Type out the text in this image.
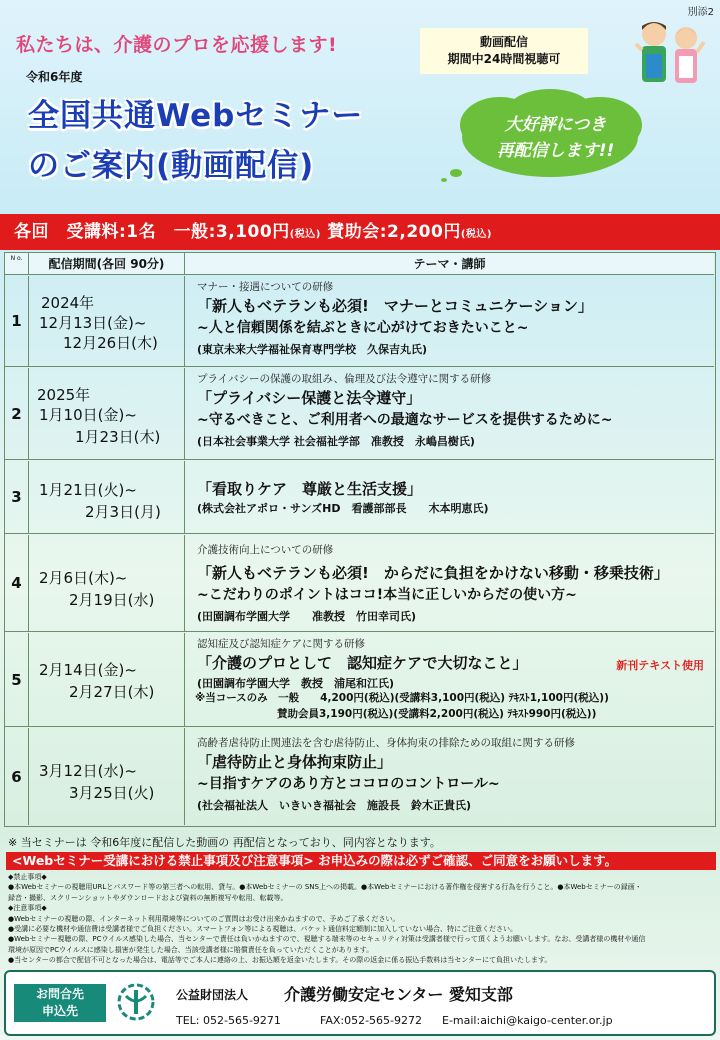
別添2
私たちは、介護のプロを応援します!
令和6年度
全国共通Webセミナー
のご案内(動画配信)
動画配信
期間中24時間視聴可
大好評につき
再配信します!!
各回　受講料:1名　一般:3,100円(税込) 賛助会:2,200円(税込)
N o.	配信期間(各回 90分)	テーマ・講師
1
2024年
12月13日(金)~
12月26日(木)
マナー・接遇についての研修
「新人もベテランも必須!　マナーとコミュニケーション」
~人と信頼関係を結ぶときに心がけておきたいこと~
(東京未来大学福祉保育専門学校　久保吉丸氏)
2
2025年
1月10日(金)~
1月23日(木)
プライバシーの保護の取組み、倫理及び法令遵守に関する研修
「プライバシー保護と法令遵守」
~守るべきこと、ご利用者への最適なサービスを提供するために~
(日本社会事業大学 社会福祉学部　准教授　永嶋昌樹氏)
3	1月21日(火)~
2月3日(月)
「看取りケア　尊厳と生活支援」
(株式会社アポロ・サンズHD　看護部部長　　木本明恵氏)
4	2月6日(木)~
2月19日(水)
介護技術向上についての研修
「新人もベテランも必須!　からだに負担をかけない移動・移乗技術」
~こだわりのポイントはココ!本当に正しいからだの使い方~
(田園調布学園大学　　准教授　竹田幸司氏)
5
2月14日(金)~
2月27日(木)
認知症及び認知症ケアに関する研修
「介護のプロとして　認知症ケアで大切なこと」	新刊テキスト使用
(田園調布学園大学　教授　浦尾和江氏)
※当コースのみ　一般　　4,200円(税込)(受講料3,100円(税込) ﾃｷｽﾄ1,100円(税込))
賛助会員3,190円(税込)(受講料2,200円(税込) ﾃｷｽﾄ990円(税込))
6	3月12日(水)~
3月25日(火)
高齢者虐待防止関連法を含む虐待防止、身体拘束の排除ための取組に関する研修
「虐待防止と身体拘束防止」
~目指すケアのあり方とココロのコントロール~
(社会福祉法人　いきいき福祉会　施設長　鈴木正貴氏)
※ 当セミナーは 令和6年度に配信した動画の 再配信となっており、同内容となります。
<Webセミナー受講における禁止事項及び注意事項> お申込みの際は必ずご確認、ご同意をお願いします。
◆禁止事項◆
●本Webセミナーの視聴用URLとパスワード等の第三者への転用、貸与。●本Webセミナーの SNS上への掲載。●本Webセミナーにおける著作権を侵害する行為を行うこと。●本Webセミナーの録画・
録音・撮影、スクリーンショットやダウンロードおよび資料の無断複写や転用、転載等。
◆注意事項◆
●Webセミナーの視聴の際、インターネット利用環境等についてのご質問はお受け出来かねますので、予めご了承ください。
●受講に必要な機材や通信費は受講者様でご負担ください。スマートフォン等による視聴は、パケット通信料定額制に加入していない場合、特にご注意ください。
●Webセミナー視聴の際、PCウイルス感染した場合、当センターで責任は負いかねますので、視聴する端末等のセキュリティ対策は受講者様で行って頂くようお願いします。なお、受講者様の機材や通信
環境が原因でPCウイルスに感染し損害が発生した場合、当該受講者様に賠償責任を負っていただくことがあります。
●当センターの都合で配信不可となった場合は、電話等でご本人に連絡の上、お振込額を返金いたします。その際の返金に係る振込手数料は当センターにて負担いたします。
お問合先
申込先
公益財団法人 介護労働安定センター 愛知支部
TEL: 052-565-9271	FAX:052-565-9272 E-mail:aichi@kaigo-center.or.jp
